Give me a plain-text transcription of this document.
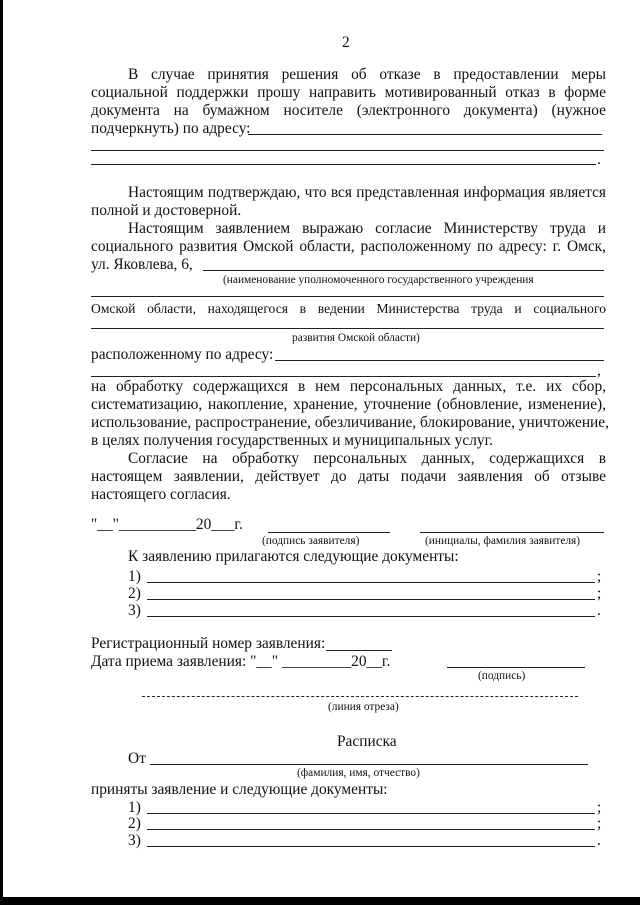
2
В случае принятия решения об отказе в предоставлении меры
социальной поддержки прошу направить мотивированный отказ в форме
документа на бумажном носителе (электронного документа) (нужное
подчеркнуть) по адресу:
.
Настоящим подтверждаю, что вся представленная информация является
полной и достоверной.
Настоящим заявлением выражаю согласие Министерству труда и
социального развития Омской области, расположенному по адресу: г. Омск,
ул. Яковлева, 6,
(наименование уполномоченного государственного учреждения
Омской области, находящегося в ведении Министерства труда и социального
развития Омской области)
расположенному по адресу:
,
на обработку содержащихся в нем персональных данных, т.е. их сбор,
систематизацию, накопление, хранение, уточнение (обновление, изменение),
использование, распространение, обезличивание, блокирование, уничтожение,
в целях получения государственных и муниципальных услуг.
Согласие на обработку персональных данных, содержащихся в
настоящем заявлении, действует до даты подачи заявления об отзыве
настоящего согласия.
"__"__________20___г.
(подпись заявителя)	(инициалы, фамилия заявителя)
К заявлению прилагаются следующие документы:
1)	;
2)	;
3)	.
Регистрационный номер заявления:
Дата приема заявления: "__" _________20__г.
(подпись)
(линия отреза)
Расписка
От
(фамилия, имя, отчество)
приняты заявление и следующие документы:
1)	;
2)	;
3)	.
